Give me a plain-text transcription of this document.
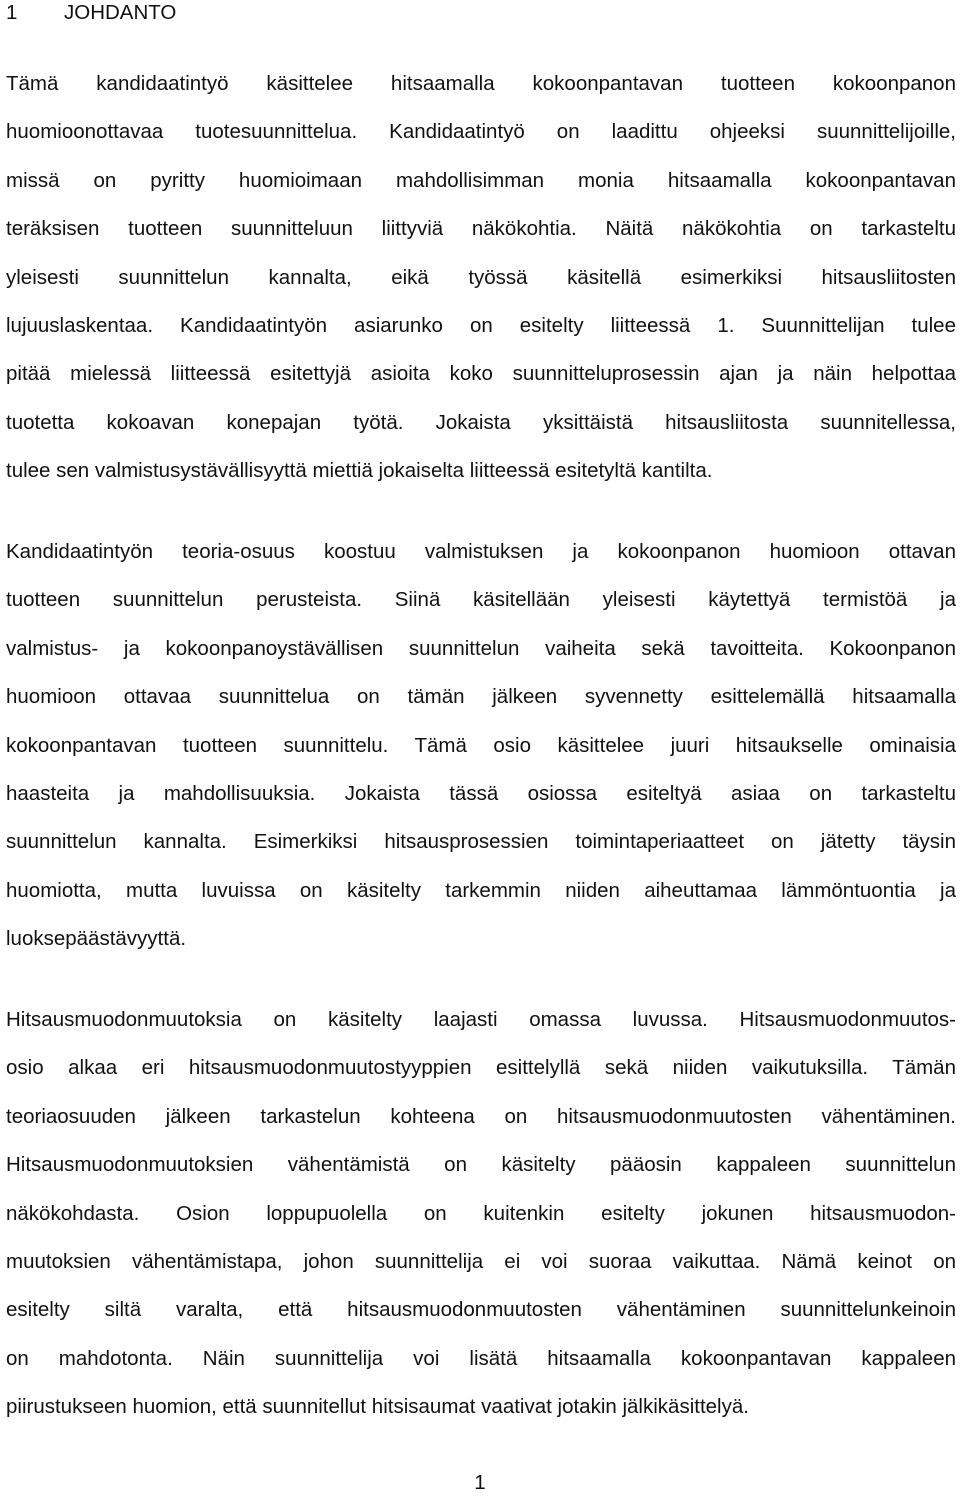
1 JOHDANTO
Tämä kandidaatintyö käsittelee hitsaamalla kokoonpantavan tuotteen kokoonpanon
huomioonottavaa tuotesuunnittelua. Kandidaatintyö on laadittu ohjeeksi suunnittelijoille,
missä on pyritty huomioimaan mahdollisimman monia hitsaamalla kokoonpantavan
teräksisen tuotteen suunnitteluun liittyviä näkökohtia. Näitä näkökohtia on tarkasteltu
yleisesti suunnittelun kannalta, eikä työssä käsitellä esimerkiksi hitsausliitosten
lujuuslaskentaa. Kandidaatintyön asiarunko on esitelty liitteessä 1. Suunnittelijan tulee
pitää mielessä liitteessä esitettyjä asioita koko suunnitteluprosessin ajan ja näin helpottaa
tuotetta kokoavan konepajan työtä. Jokaista yksittäistä hitsausliitosta suunnitellessa,
tulee sen valmistusystävällisyyttä miettiä jokaiselta liitteessä esitetyltä kantilta.
Kandidaatintyön teoria-osuus koostuu valmistuksen ja kokoonpanon huomioon ottavan
tuotteen suunnittelun perusteista. Siinä käsitellään yleisesti käytettyä termistöä ja
valmistus- ja kokoonpanoystävällisen suunnittelun vaiheita sekä tavoitteita. Kokoonpanon
huomioon ottavaa suunnittelua on tämän jälkeen syvennetty esittelemällä hitsaamalla
kokoonpantavan tuotteen suunnittelu. Tämä osio käsittelee juuri hitsaukselle ominaisia
haasteita ja mahdollisuuksia. Jokaista tässä osiossa esiteltyä asiaa on tarkasteltu
suunnittelun kannalta. Esimerkiksi hitsausprosessien toimintaperiaatteet on jätetty täysin
huomiotta, mutta luvuissa on käsitelty tarkemmin niiden aiheuttamaa lämmöntuontia ja
luoksepäästävyyttä.
Hitsausmuodonmuutoksia on käsitelty laajasti omassa luvussa. Hitsausmuodonmuutos-
osio alkaa eri hitsausmuodonmuutostyyppien esittelyllä sekä niiden vaikutuksilla. Tämän
teoriaosuuden jälkeen tarkastelun kohteena on hitsausmuodonmuutosten vähentäminen.
Hitsausmuodonmuutoksien vähentämistä on käsitelty pääosin kappaleen suunnittelun
näkökohdasta. Osion loppupuolella on kuitenkin esitelty jokunen hitsausmuodon-
muutoksien vähentämistapa, johon suunnittelija ei voi suoraa vaikuttaa. Nämä keinot on
esitelty siltä varalta, että hitsausmuodonmuutosten vähentäminen suunnittelunkeinoin
on mahdotonta. Näin suunnittelija voi lisätä hitsaamalla kokoonpantavan kappaleen
piirustukseen huomion, että suunnitellut hitsisaumat vaativat jotakin jälkikäsittelyä.
1
